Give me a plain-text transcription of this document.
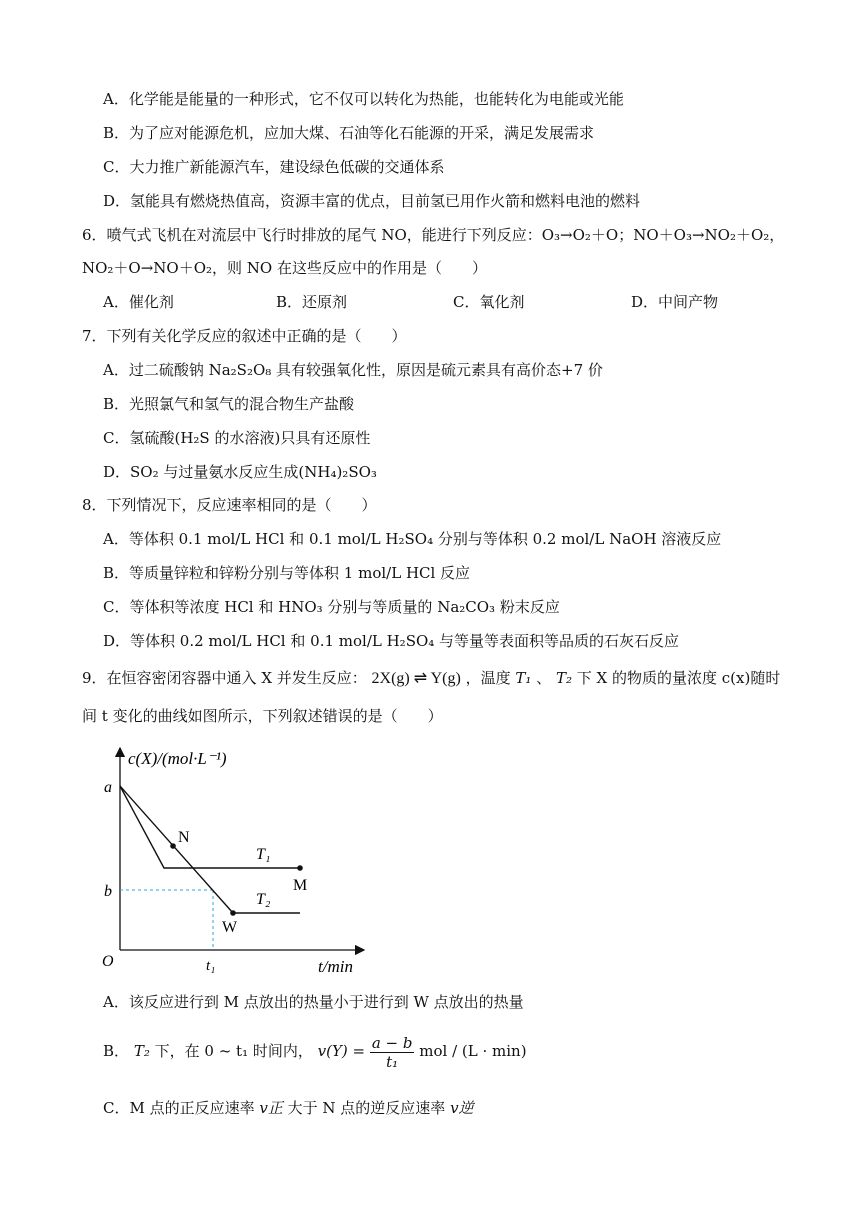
A．化学能是能量的一种形式，它不仅可以转化为热能，也能转化为电能或光能
B．为了应对能源危机，应加大煤、石油等化石能源的开采，满足发展需求
C．大力推广新能源汽车，建设绿色低碳的交通体系
D．氢能具有燃烧热值高，资源丰富的优点，目前氢已用作火箭和燃料电池的燃料
6．喷气式飞机在对流层中飞行时排放的尾气 NO，能进行下列反应：O₃→O₂＋O；NO＋O₃→NO₂＋O₂，
NO₂＋O→NO＋O₂，则 NO 在这些反应中的作用是（　　）
A．催化剂	B．还原剂	C．氧化剂	D．中间产物
7．下列有关化学反应的叙述中正确的是（　　）
A．过二硫酸钠 Na₂S₂O₈ 具有较强氧化性，原因是硫元素具有高价态+7 价
B．光照氯气和氢气的混合物生产盐酸
C．氢硫酸(H₂S 的水溶液)只具有还原性
D．SO₂ 与过量氨水反应生成(NH₄)₂SO₃
8．下列情况下，反应速率相同的是（　　）
A．等体积 0.1 mol/L HCl 和 0.1 mol/L H₂SO₄ 分别与等体积 0.2 mol/L NaOH 溶液反应
B．等质量锌粒和锌粉分别与等体积 1 mol/L HCl 反应
C．等体积等浓度 HCl 和 HNO₃ 分别与等质量的 Na₂CO₃ 粉末反应
D．等体积 0.2 mol/L HCl 和 0.1 mol/L H₂SO₄ 与等量等表面积等品质的石灰石反应
9．在恒容密闭容器中通入 X 并发生反应： 2X(g) ⇌ Y(g) ，温度 T₁ 、 T₂ 下 X 的物质的量浓度 c(x)随时
间 t 变化的曲线如图所示，下列叙述错误的是（　　）
c(X)/(mol·L⁻¹)
t/min
O
a
b
t₁
N
M
W
T₁
T₂
A．该反应进行到 M 点放出的热量小于进行到 W 点放出的热量
B． T₂ 下，在 0 ~ t₁ 时间内， $v(Y) = \frac{a - b}{\text{t₁}}$ mol / (L · min)
C．M 点的正反应速率 v正 大于 N 点的逆反应速率 v逆
